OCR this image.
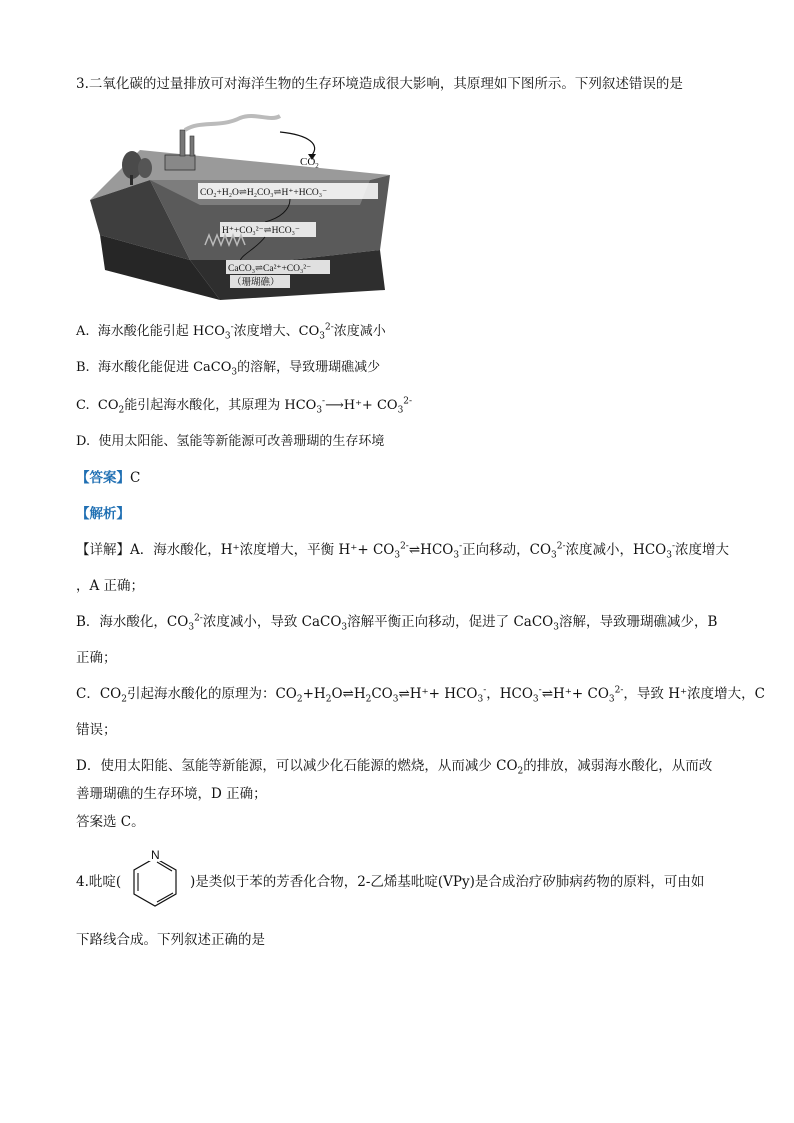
3.二氧化碳的过量排放可对海洋生物的生存环境造成很大影响，其原理如下图所示。下列叙述错误的是
$CO_2$
CO₂+H₂O⇌H₂CO₃⇌H⁺+HCO₃⁻
H⁺+CO₃²⁻⇌HCO₃⁻
CaCO₃⇌Ca²⁺+CO₃²⁻
（珊瑚礁）
A. 海水酸化能引起 $HCO_3^-$浓度增大、$CO_3^{2-}$浓度减小
B. 海水酸化能促进 CaCO$_3$的溶解，导致珊瑚礁减少
C. $CO_2$能引起海水酸化，其原理为 $HCO_3^-⟶H^++ CO_3^{2-}$
D. 使用太阳能、氢能等新能源可改善珊瑚的生存环境
【答案】C
【解析】
【详解】A．海水酸化，H⁺浓度增大，平衡 $H^++ CO_3^{2-}\rightleftharpoons HCO_3^-$正向移动，$CO_3^{2-}$浓度减小，$HCO_3^-$浓度增大
，A 正确；
B．海水酸化，$CO_3^{2-}$浓度减小，导致 CaCO$_3$溶解平衡正向移动，促进了 CaCO$_3$溶解，导致珊瑚礁减少，B
正确；
C．$CO_2$引起海水酸化的原理为：$CO_2+H_2O\rightleftharpoons H_2CO_3\rightleftharpoons H^++ HCO_3^-$，$HCO_3^-\rightleftharpoons H^++ CO_3^{2-}$，导致 H⁺浓度增大，C
错误；
D．使用太阳能、氢能等新能源，可以减少化石能源的燃烧，从而减少 $CO_2$的排放，减弱海水酸化，从而改
善珊瑚礁的生存环境，D 正确；
答案选 C。
4.吡啶(
N
)是类似于苯的芳香化合物，2-乙烯基吡啶(VPy)是合成治疗矽肺病药物的原料，可由如
下路线合成。下列叙述正确的是
